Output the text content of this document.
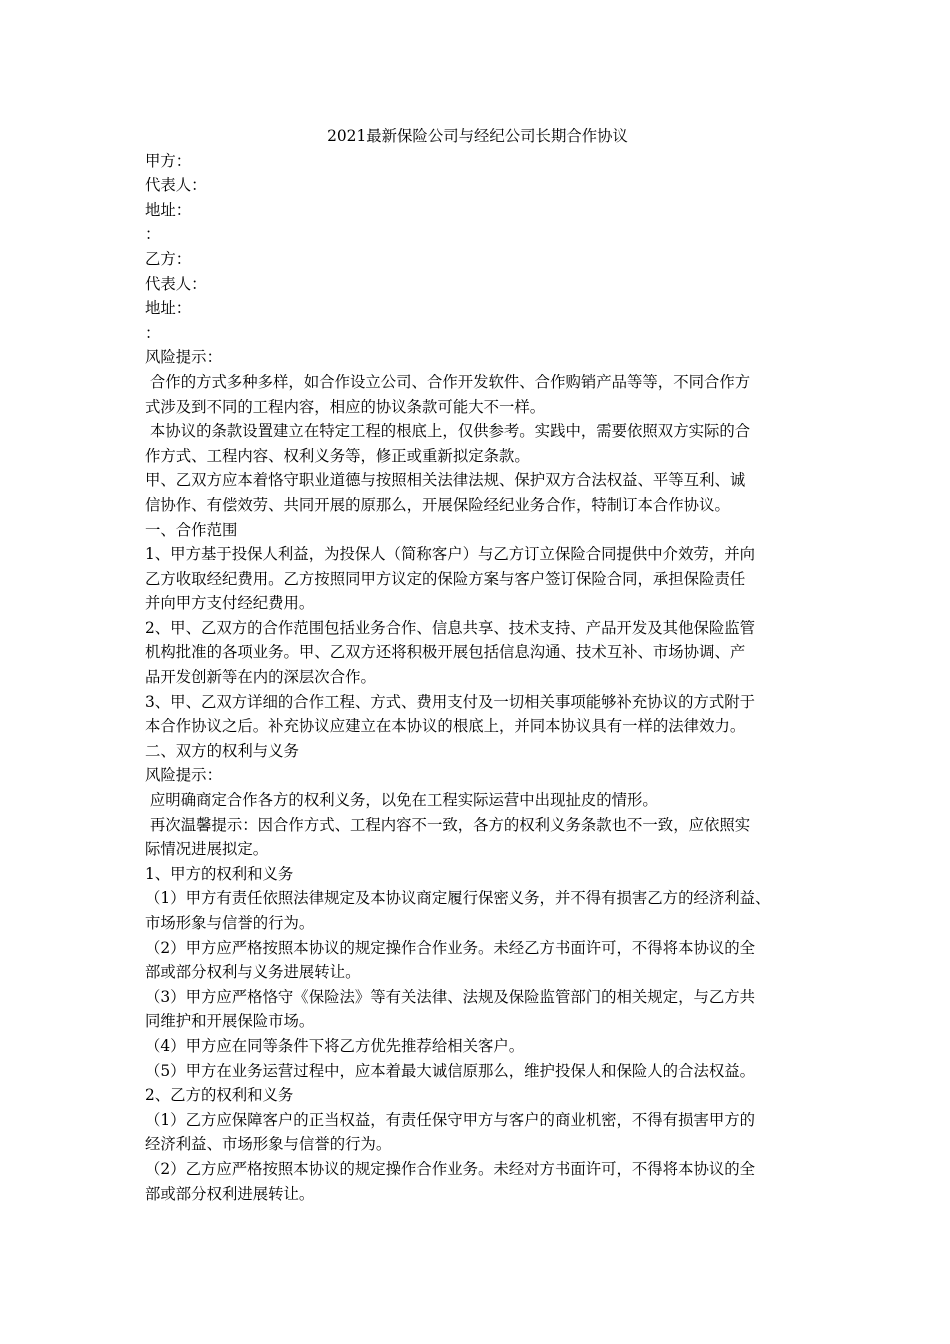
2021最新保险公司与经纪公司长期合作协议

甲方：

代表人：

地址：

：

乙方：

代表人：

地址：

：

风险提示：

合作的方式多种多样，如合作设立公司、合作开发软件、合作购销产品等等，不同合作方

式涉及到不同的工程内容，相应的协议条款可能大不一样。

本协议的条款设置建立在特定工程的根底上，仅供参考。实践中，需要依照双方实际的合

作方式、工程内容、权利义务等，修正或重新拟定条款。

甲、乙双方应本着恪守职业道德与按照相关法律法规、保护双方合法权益、平等互利、诚

信协作、有偿效劳、共同开展的原那么，开展保险经纪业务合作，特制订本合作协议。

一、合作范围

1、甲方基于投保人利益，为投保人（简称客户）与乙方订立保险合同提供中介效劳，并向

乙方收取经纪费用。乙方按照同甲方议定的保险方案与客户签订保险合同，承担保险责任

并向甲方支付经纪费用。

2、甲、乙双方的合作范围包括业务合作、信息共享、技术支持、产品开发及其他保险监管

机构批准的各项业务。甲、乙双方还将积极开展包括信息沟通、技术互补、市场协调、产

品开发创新等在内的深层次合作。

3、甲、乙双方详细的合作工程、方式、费用支付及一切相关事项能够补充协议的方式附于

本合作协议之后。补充协议应建立在本协议的根底上，并同本协议具有一样的法律效力。

二、双方的权利与义务

风险提示：

应明确商定合作各方的权利义务，以免在工程实际运营中出现扯皮的情形。

再次温馨提示：因合作方式、工程内容不一致，各方的权利义务条款也不一致，应依照实

际情况进展拟定。

1、甲方的权利和义务

（1）甲方有责任依照法律规定及本协议商定履行保密义务，并不得有损害乙方的经济利益、

市场形象与信誉的行为。

（2）甲方应严格按照本协议的规定操作合作业务。未经乙方书面许可，不得将本协议的全

部或部分权利与义务进展转让。

（3）甲方应严格恪守《保险法》等有关法律、法规及保险监管部门的相关规定，与乙方共

同维护和开展保险市场。

（4）甲方应在同等条件下将乙方优先推荐给相关客户。

（5）甲方在业务运营过程中，应本着最大诚信原那么，维护投保人和保险人的合法权益。

2、乙方的权利和义务

（1）乙方应保障客户的正当权益，有责任保守甲方与客户的商业机密，不得有损害甲方的

经济利益、市场形象与信誉的行为。

（2）乙方应严格按照本协议的规定操作合作业务。未经对方书面许可，不得将本协议的全

部或部分权利进展转让。
